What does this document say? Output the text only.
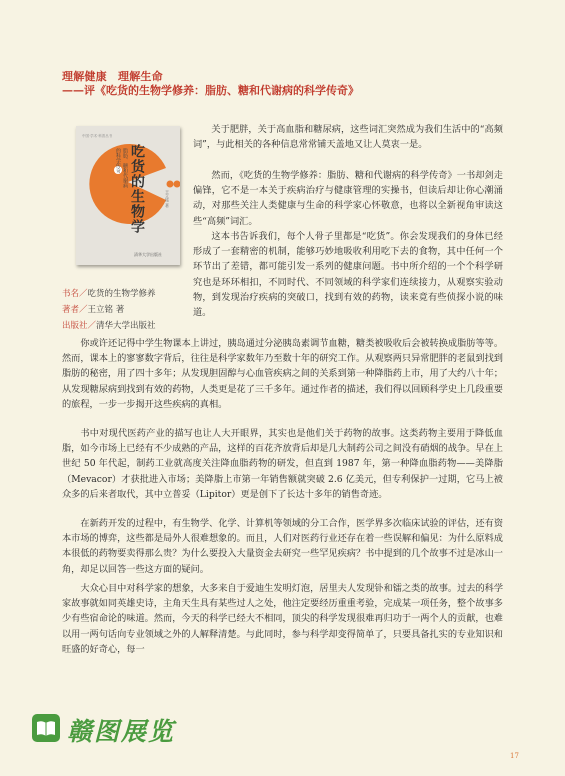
理解健康　理解生命
——评《吃货的生物学修养：脂肪、糖和代谢病的科学传奇》
中国·学术·科普丛书
吃货的生物学
脂肪、糖和代谢病的科学传奇
王立铭 著
清华大学出版社
书名／吃货的生物学修养
著者／王立铭 著
出版社／清华大学出版社

关于肥胖，关于高血脂和糖尿病，这些词汇突然成为我们生活中的“高频词”，与此相关的各种信息常常铺天盖地又让人莫衷一是。

然而，《吃货的生物学修养：脂肪、糖和代谢病的科学传奇》一书却剑走偏锋，它不是一本关于疾病治疗与健康管理的实操书，但读后却让你心潮涌动，对那些关注人类健康与生命的科学家心怀敬意，也将以全新视角审读这些“高频”词汇。

这本书告诉我们，每个人骨子里都是“吃货”。你会发现我们的身体已经形成了一套精密的机制，能够巧妙地吸收利用吃下去的食物，其中任何一个环节出了差错，都可能引发一系列的健康问题。书中所介绍的一个个科学研究也是环环相扣，不同时代、不同领域的科学家们连续接力，从观察实验动物，到发现治疗疾病的突破口，找到有效的药物，读来竟有些侦探小说的味道。

你或许还记得中学生物课本上讲过，胰岛通过分泌胰岛素调节血糖，糖类被吸收后会被转换成脂肪等等。然而，课本上的寥寥数字背后，往往是科学家数年乃至数十年的研究工作。从观察两只异常肥胖的老鼠到找到脂肪的秘密，用了四十多年；从发现胆固醇与心血管疾病之间的关系到第一种降脂药上市，用了大约八十年；从发现糖尿病到找到有效的药物，人类更是花了三千多年。通过作者的描述，我们得以回顾科学史上几段重要的旅程，一步一步揭开这些疾病的真相。

书中对现代医药产业的描写也让人大开眼界，其实也是他们关于药物的故事。这类药物主要用于降低血脂，如今市场上已经有不少成熟的产品，这样的百花齐放背后却是几大制药公司之间没有硝烟的战争。早在上世纪 50 年代起，制药工业就高度关注降血脂药物的研发，但直到 1987 年，第一种降血脂药物——美降脂（Mevacor）才获批进入市场；美降脂上市第一年销售额就突破 2.6 亿美元，但专利保护一过期，它马上被众多的后来者取代，其中立普妥（Lipitor）更是创下了长达十多年的销售奇迹。

在新药开发的过程中，有生物学、化学、计算机等领域的分工合作，医学界多次临床试验的评估，还有资本市场的博弈，这些都是局外人很难想象的。而且，人们对医药行业还存在着一些误解和偏见：为什么原料成本很低的药物要卖得那么贵？为什么要投入大量资金去研究一些罕见疾病？书中提到的几个故事不过是冰山一角，却足以回答一些这方面的疑问。

大众心目中对科学家的想象，大多来自于爱迪生发明灯泡，居里夫人发现钋和镭之类的故事。过去的科学家故事就如同英雄史诗，主角天生具有某些过人之处，他注定要经历重重考验，完成某一项任务，整个故事多少有些宿命论的味道。然而，今天的科学已经大不相同，顶尖的科学发现很难再归功于一两个人的贡献，也难以用一两句话向专业领域之外的人解释清楚。与此同时，参与科学却变得简单了，只要具备扎实的专业知识和旺盛的好奇心，每一

赣图展览
17
